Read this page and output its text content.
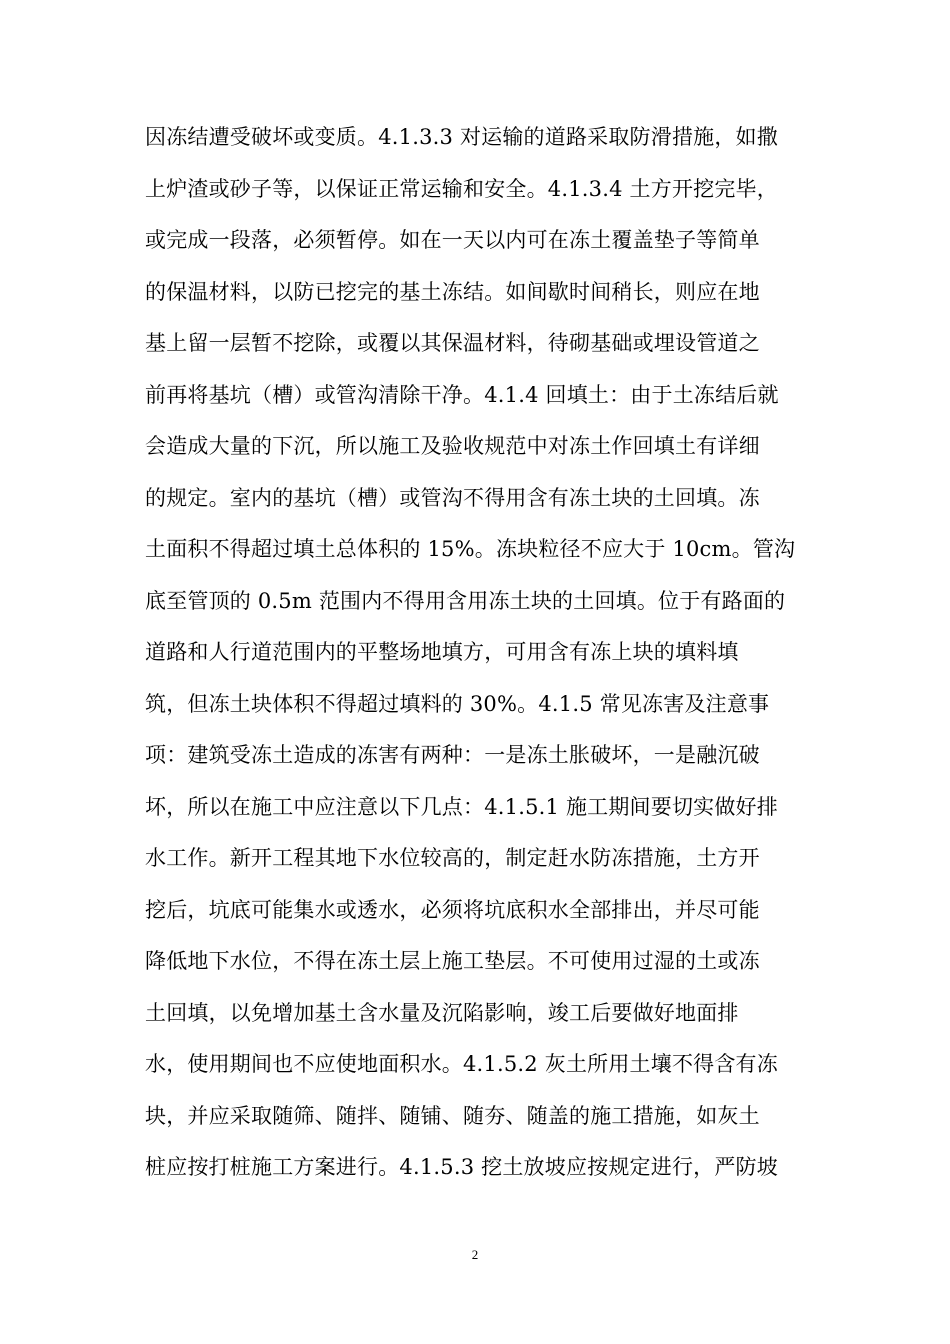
因冻结遭受破坏或变质。4.1.3.3 对运输的道路采取防滑措施，如撒
上炉渣或砂子等，以保证正常运输和安全。4.1.3.4 土方开挖完毕，
或完成一段落，必须暂停。如在一天以内可在冻土覆盖垫子等简单
的保温材料，以防已挖完的基土冻结。如间歇时间稍长，则应在地
基上留一层暂不挖除，或覆以其保温材料，待砌基础或埋设管道之
前再将基坑（槽）或管沟清除干净。4.1.4 回填土：由于土冻结后就
会造成大量的下沉，所以施工及验收规范中对冻土作回填土有详细
的规定。室内的基坑（槽）或管沟不得用含有冻土块的土回填。冻
土面积不得超过填土总体积的 15%。冻块粒径不应大于 10cm。管沟
底至管顶的 0.5m 范围内不得用含用冻土块的土回填。位于有路面的
道路和人行道范围内的平整场地填方，可用含有冻上块的填料填
筑，但冻土块体积不得超过填料的 30%。4.1.5 常见冻害及注意事
项：建筑受冻土造成的冻害有两种：一是冻土胀破坏，一是融沉破
坏，所以在施工中应注意以下几点：4.1.5.1 施工期间要切实做好排
水工作。新开工程其地下水位较高的，制定赶水防冻措施，土方开
挖后，坑底可能集水或透水，必须将坑底积水全部排出，并尽可能
降低地下水位，不得在冻土层上施工垫层。不可使用过湿的土或冻
土回填，以免增加基土含水量及沉陷影响，竣工后要做好地面排
水，使用期间也不应使地面积水。4.1.5.2 灰土所用土壤不得含有冻
块，并应采取随筛、随拌、随铺、随夯、随盖的施工措施，如灰土
桩应按打桩施工方案进行。4.1.5.3 挖土放坡应按规定进行，严防坡
2
